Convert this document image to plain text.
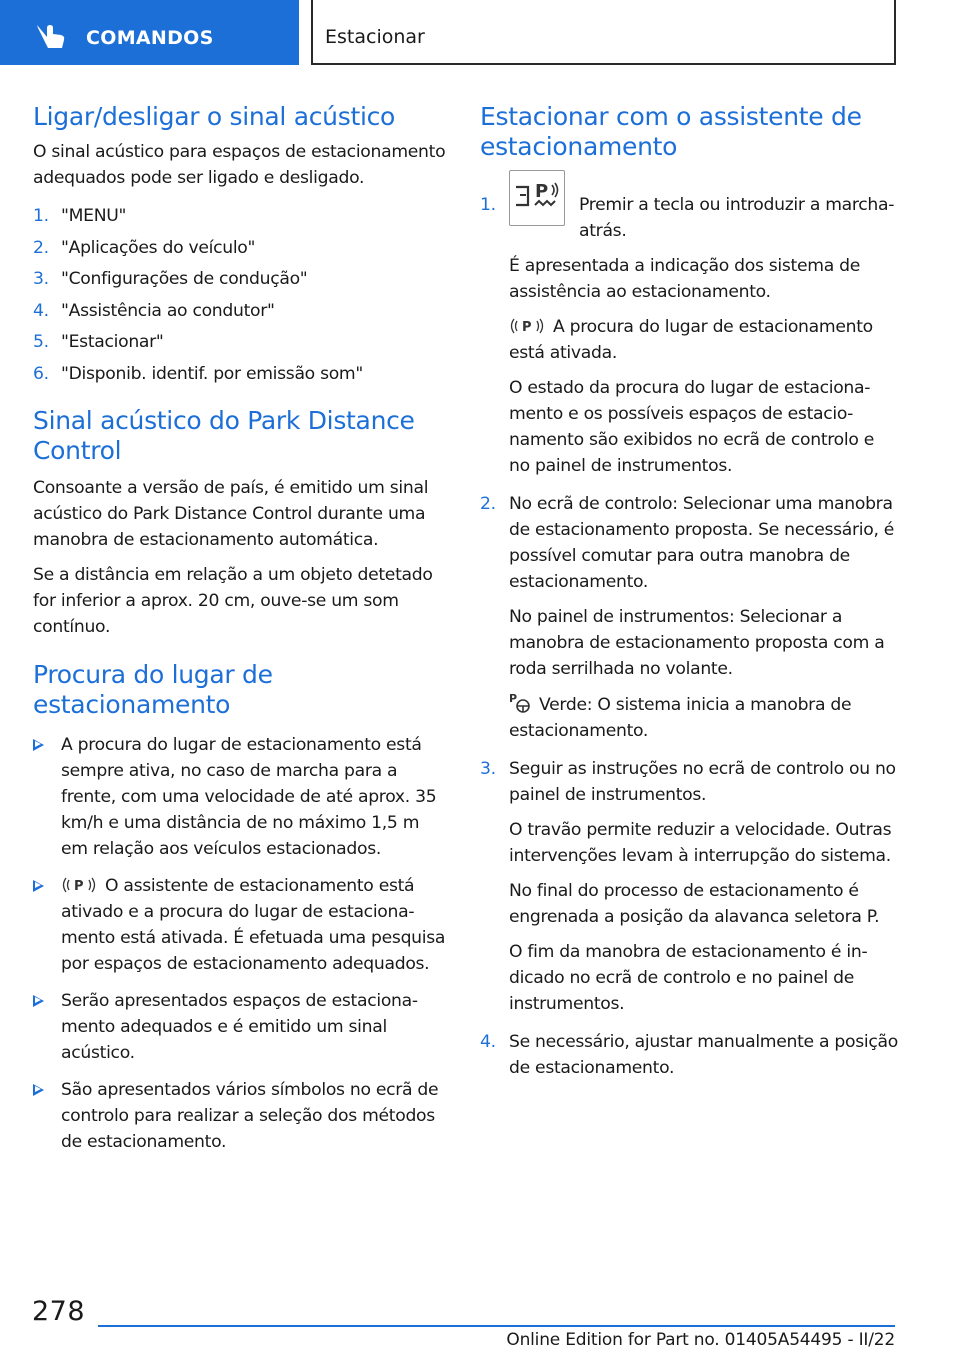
COMANDOS	Estacionar
Ligar/desligar o sinal acústico

O sinal acústico para espaços de estacionamento adequados pode ser ligado e desligado.

1. "MENU"
2. "Aplicações do veículo"
3. "Configurações de condução"
4. "Assistência ao condutor"
5. "Estacionar"
6. "Disponib. identif. por emissão som"
Sinal acústico do Park Distance
Control

Consoante a versão de país, é emitido um sinal acústico do Park Distance Control durante uma manobra de estacionamento automática.

Se a distância em relação a um objeto detetado for inferior a aprox. 20 cm, ouve-se um som contínuo.

Procura do lugar de
estacionamento
A procura do lugar de estacionamento está sempre ativa, no caso de marcha para a frente, com uma velocidade de até aprox. 35 km/h e uma distância de no máximo 1,5 m em relação aos veículos estacionados.
P O assistente de estacionamento está ativado e a procura do lugar de estacionamento está ativada. É efetuada uma pesquisa por espaços de estacionamento adequados.
Serão apresentados espaços de estacionamento adequados e é emitido um sinal acústico.
São apresentados vários símbolos no ecrã de controlo para realizar a seleção dos métodos de estacionamento.
Estacionar com o assistente de
estacionamento
1.
P
Premir a tecla ou introduzir a marcha-atrás.

É apresentada a indicação dos sistema de assistência ao estacionamento.

P A procura do lugar de estacionamento está ativada.

O estado da procura do lugar de estacionamento e os possíveis espaços de estacionamento são exibidos no ecrã de controlo e no painel de instrumentos.

2. No ecrã de controlo: Selecionar uma manobra de estacionamento proposta. Se necessário, é possível comutar para outra manobra de estacionamento.

No painel de instrumentos: Selecionar a manobra de estacionamento proposta com a roda serrilhada no volante.

P Verde: O sistema inicia a manobra de estacionamento.

3. Seguir as instruções no ecrã de controlo ou no painel de instrumentos.

O travão permite reduzir a velocidade. Outras intervenções levam à interrupção do sistema.

No final do processo de estacionamento é engrenada a posição da alavanca seletora P.

O fim da manobra de estacionamento é indicado no ecrã de controlo e no painel de instrumentos.

4. Se necessário, ajustar manualmente a posição de estacionamento.
278
Online Edition for Part no. 01405A54495 - II/22
